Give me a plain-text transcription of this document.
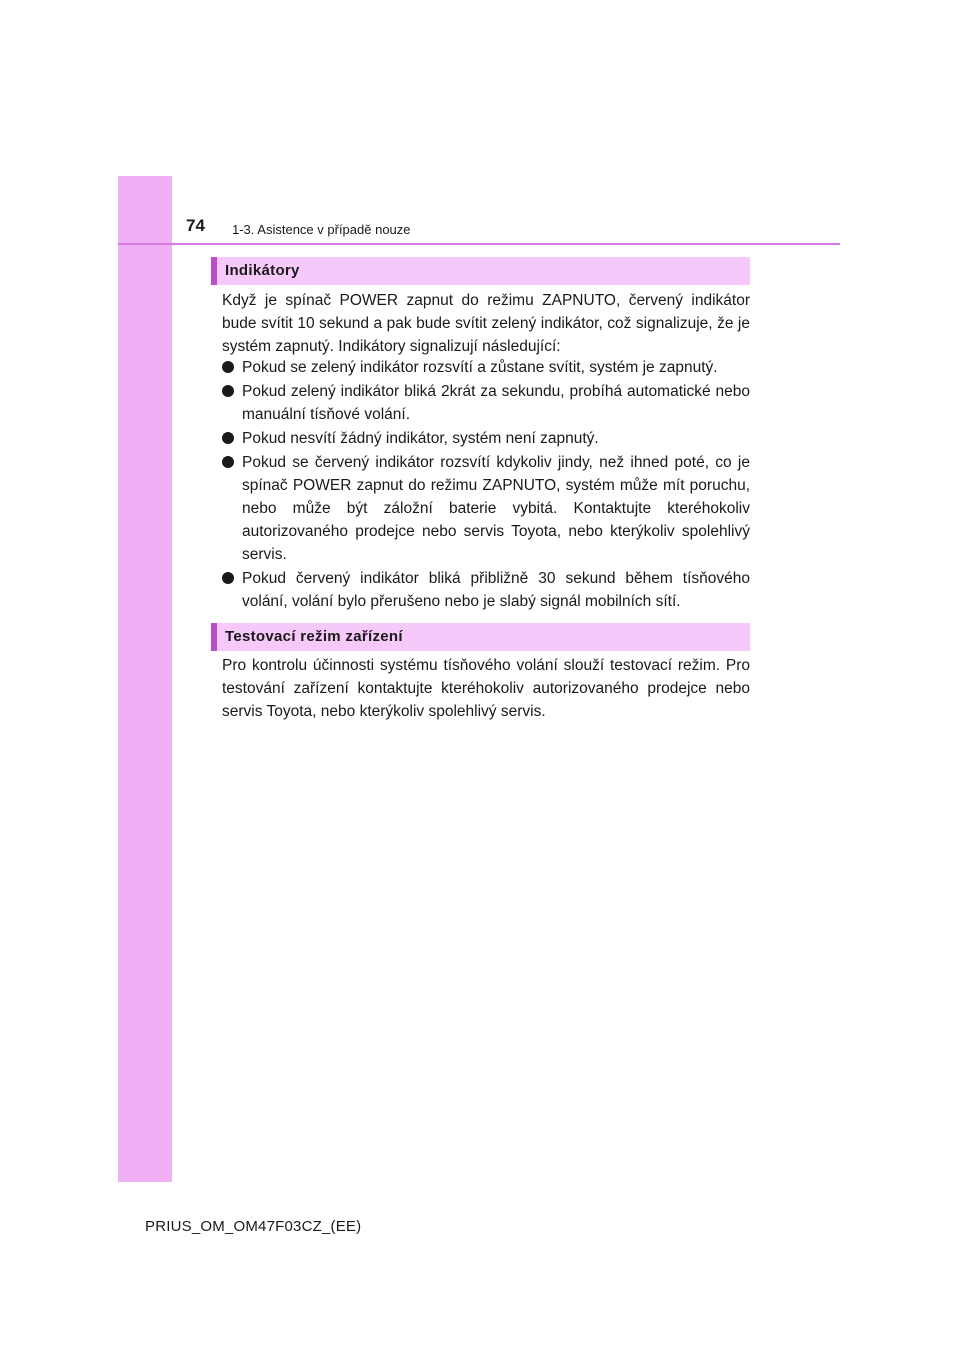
74 1-3. Asistence v případě nouze
Indikátory

Když je spínač POWER zapnut do režimu ZAPNUTO, červený indikátor bude svítit 10 sekund a pak bude svítit zelený indikátor, což signalizuje, že je systém zapnutý. Indikátory signalizují následující:

Pokud se zelený indikátor rozsvítí a zůstane svítit, systém je zapnutý.
Pokud zelený indikátor bliká 2krát za sekundu, probíhá automatické nebo manuální tísňové volání.
Pokud nesvítí žádný indikátor, systém není zapnutý.
Pokud se červený indikátor rozsvítí kdykoliv jindy, než ihned poté, co je spínač POWER zapnut do režimu ZAPNUTO, systém může mít poruchu, nebo může být záložní baterie vybitá. Kontaktujte kteréhokoliv autorizovaného prodejce nebo servis Toyota, nebo kterýkoliv spolehlivý servis.
Pokud červený indikátor bliká přibližně 30 sekund během tísňového volání, volání bylo přerušeno nebo je slabý signál mobilních sítí.
Testovací režim zařízení

Pro kontrolu účinnosti systému tísňového volání slouží testovací režim. Pro testování zařízení kontaktujte kteréhokoliv autorizovaného prodejce nebo servis Toyota, nebo kterýkoliv spolehlivý servis.

PRIUS_OM_OM47F03CZ_(EE)
